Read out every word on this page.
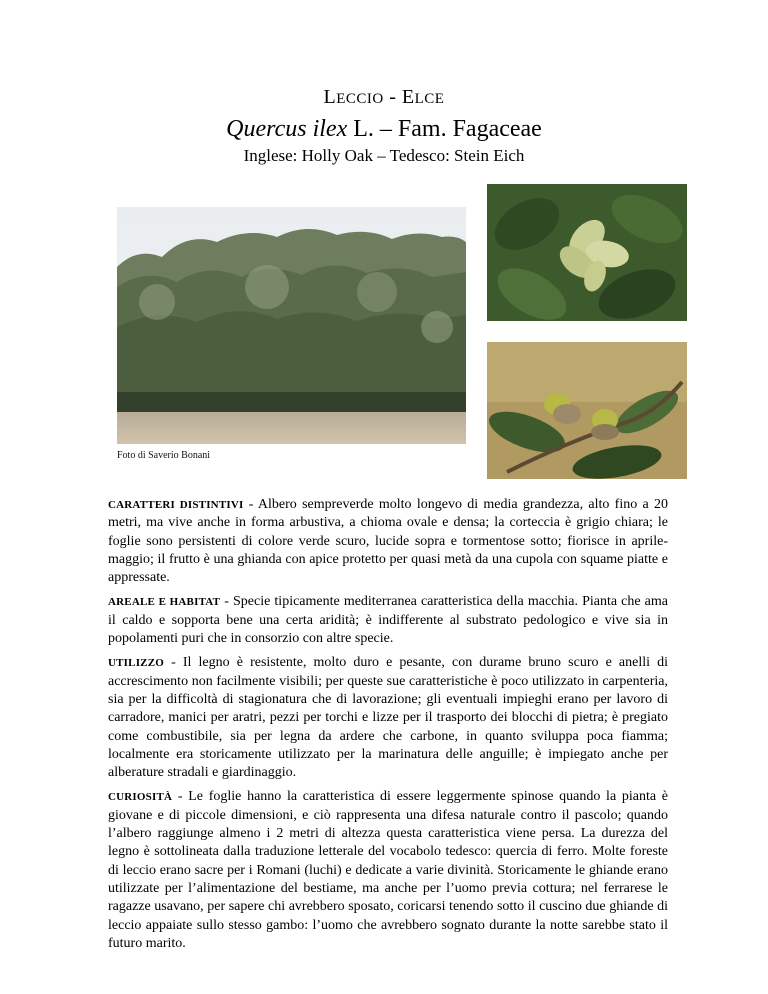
LECCIO - ELCE
Quercus ilex L. – Fam. Fagaceae
Inglese: Holly Oak – Tedesco: Stein Eich
Foto di Saverio Bonani

CARATTERI DISTINTIVI - Albero sempreverde molto longevo di media grandezza, alto fino a 20 metri, ma vive anche in forma arbustiva, a chioma ovale e densa; la corteccia è grigio chiara; le foglie sono persistenti di colore verde scuro, lucide sopra e tormentose sotto; fiorisce in aprile-maggio; il frutto è una ghianda con apice protetto per quasi metà da una cupola con squame piatte e appressate.

AREALE E HABITAT - Specie tipicamente mediterranea caratteristica della macchia. Pianta che ama il caldo e sopporta bene una certa aridità; è indifferente al substrato pedologico e vive sia in popolamenti puri che in consorzio con altre specie.

UTILIZZO - Il legno è resistente, molto duro e pesante, con durame bruno scuro e anelli di accrescimento non facilmente visibili; per queste sue caratteristiche è poco utilizzato in carpenteria, sia per la difficoltà di stagionatura che di lavorazione; gli eventuali impieghi erano per lavoro di carradore, manici per aratri, pezzi per torchi e lizze per il trasporto dei blocchi di pietra; è pregiato come combustibile, sia per legna da ardere che carbone, in quanto sviluppa poca fiamma; localmente era storicamente utilizzato per la marinatura delle anguille; è impiegato anche per alberature stradali e giardinaggio.

CURIOSITÀ - Le foglie hanno la caratteristica di essere leggermente spinose quando la pianta è giovane e di piccole dimensioni, e ciò rappresenta una difesa naturale contro il pascolo; quando l’albero raggiunge almeno i 2 metri di altezza questa caratteristica viene persa. La durezza del legno è sottolineata dalla traduzione letterale del vocabolo tedesco: quercia di ferro. Molte foreste di leccio erano sacre per i Romani (luchi) e dedicate a varie divinità. Storicamente le ghiande erano utilizzate per l’alimentazione del bestiame, ma anche per l’uomo previa cottura; nel ferrarese le ragazze usavano, per sapere chi avrebbero sposato, coricarsi tenendo sotto il cuscino due ghiande di leccio appaiate sullo stesso gambo: l’uomo che avrebbero sognato durante la notte sarebbe stato il futuro marito.
